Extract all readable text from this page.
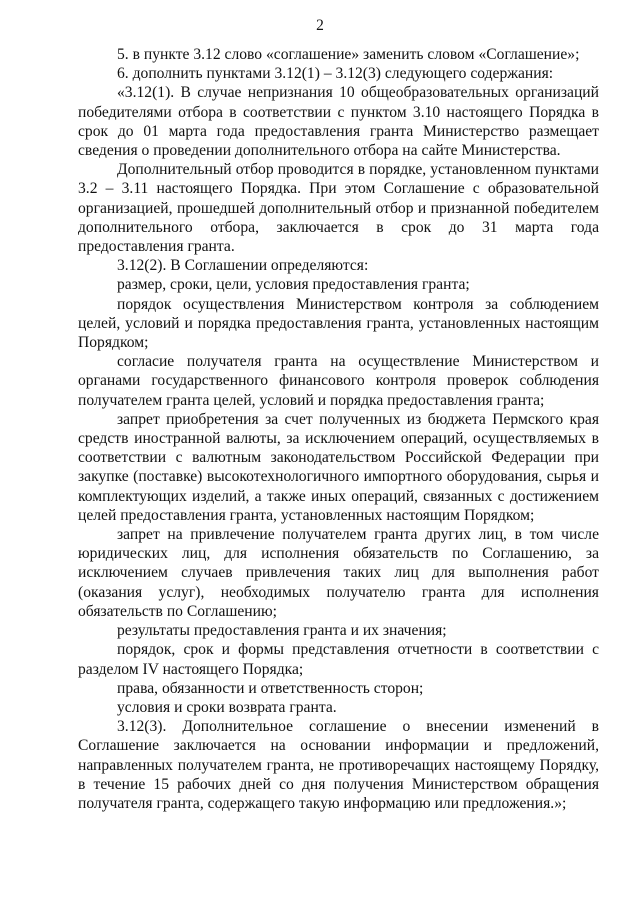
2

5. в пункте 3.12 слово «соглашение» заменить словом «Соглашение»;

6. дополнить пунктами 3.12(1) – 3.12(3) следующего содержания:

«3.12(1). В случае непризнания 10 общеобразовательных организаций победителями отбора в соответствии с пунктом 3.10 настоящего Порядка в срок до 01 марта года предоставления гранта Министерство размещает сведения о проведении дополнительного отбора на сайте Министерства.

Дополнительный отбор проводится в порядке, установленном пунктами 3.2 – 3.11 настоящего Порядка. При этом Соглашение с образовательной организацией, прошедшей дополнительный отбор и признанной победителем дополнительного отбора, заключается в срок до 31 марта года предоставления гранта.

3.12(2). В Соглашении определяются:

размер, сроки, цели, условия предоставления гранта;

порядок осуществления Министерством контроля за соблюдением целей, условий и порядка предоставления гранта, установленных настоящим Порядком;

согласие получателя гранта на осуществление Министерством и органами государственного финансового контроля проверок соблюдения получателем гранта целей, условий и порядка предоставления гранта;

запрет приобретения за счет полученных из бюджета Пермского края средств иностранной валюты, за исключением операций, осуществляемых в соответствии с валютным законодательством Российской Федерации при закупке (поставке) высокотехнологичного импортного оборудования, сырья и комплектующих изделий, а также иных операций, связанных с достижением целей предоставления гранта, установленных настоящим Порядком;

запрет на привлечение получателем гранта других лиц, в том числе юридических лиц, для исполнения обязательств по Соглашению, за исключением случаев привлечения таких лиц для выполнения работ (оказания услуг), необходимых получателю гранта для исполнения обязательств по Соглашению;

результаты предоставления гранта и их значения;

порядок, срок и формы представления отчетности в соответствии с разделом IV настоящего Порядка;

права, обязанности и ответственность сторон;

условия и сроки возврата гранта.

3.12(3). Дополнительное соглашение о внесении изменений в Соглашение заключается на основании информации и предложений, направленных получателем гранта, не противоречащих настоящему Порядку, в течение 15 рабочих дней со дня получения Министерством обращения получателя гранта, содержащего такую информацию или предложения.»;
